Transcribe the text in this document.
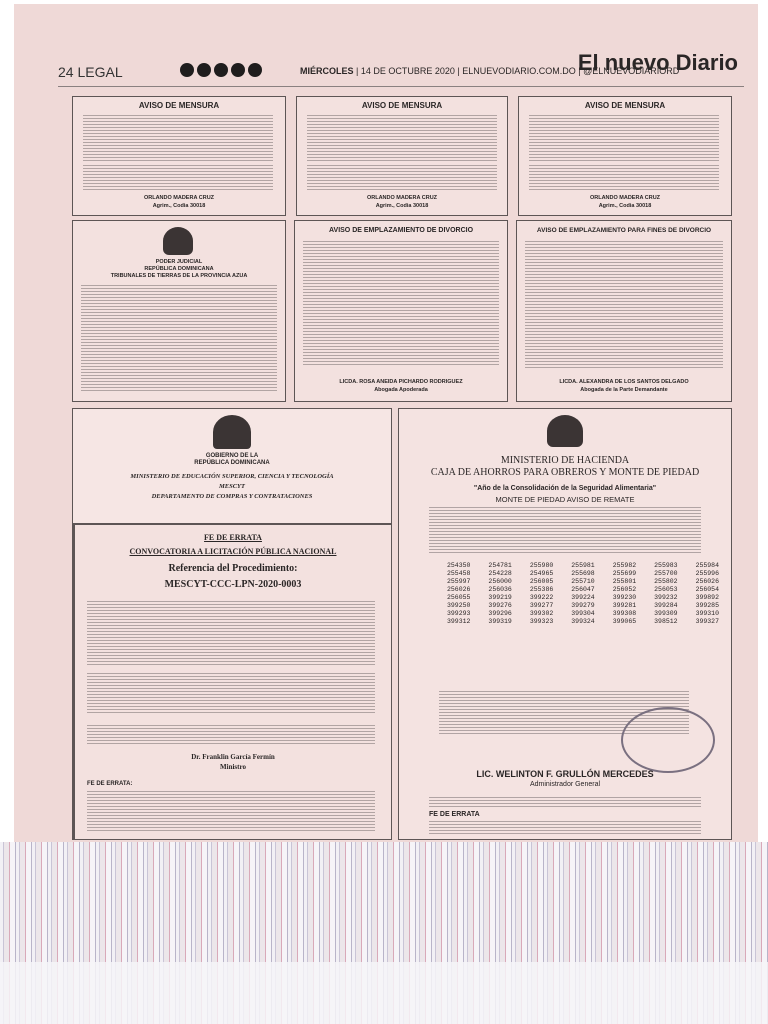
24 LEGAL	MIÉRCOLES | 14 DE OCTUBRE 2020 | ELNUEVODIARIO.COM.DO | @ELNUEVODIARIORD
El nuevo Diario
AVISO DE MENSURA
ORLANDO MADERA CRUZ
Agrim., Codia 30018
AVISO DE MENSURA
ORLANDO MADERA CRUZ
Agrim., Codia 30018
AVISO DE MENSURA
ORLANDO MADERA CRUZ
Agrim., Codia 30018
PODER JUDICIAL
REPÚBLICA DOMINICANA
TRIBUNALES DE TIERRAS DE LA PROVINCIA AZUA
AVISO DE EMPLAZAMIENTO DE DIVORCIO
LICDA. ROSA ANEIDA PICHARDO RODRIGUEZ
Abogada Apoderada
AVISO DE EMPLAZAMIENTO PARA FINES DE DIVORCIO
LICDA. ALEXANDRA DE LOS SANTOS DELGADO
Abogada de la Parte Demandante
GOBIERNO DE LA
REPÚBLICA DOMINICANA
MINISTERIO DE EDUCACIÓN SUPERIOR, CIENCIA Y TECNOLOGÍA
MESCYT
DEPARTAMENTO DE COMPRAS Y CONTRATACIONES
FE DE ERRATA
CONVOCATORIA A LICITACIÓN PÚBLICA NACIONAL
Referencia del Procedimiento:
MESCYT-CCC-LPN-2020-0003
Dr. Franklin García Fermín
Ministro
FE DE ERRATA:
MINISTERIO DE HACIENDA
CAJA DE AHORROS PARA OBREROS Y MONTE DE PIEDAD
"Año de la Consolidación de la Seguridad Alimentaria"
MONTE DE PIEDAD AVISO DE REMATE
LIC. WELINTON F. GRULLÓN MERCEDES
Administrador General
FE DE ERRATA
254350	254781	255980	255981	255982	255983	255984
255458	254228	254965	255698	255699	255700	255996
255997	256000	256005	255710	255801	255802	256026
256026	256036	255386	256047	256052	256053	256054
256055	399219	399222	399224	399230	399232	399892
399250	399276	399277	399279	399281	399284	399285
399293	399296	399302	399304	399308	399309	399310
399312	399319	399323	399324	399065	398512	399327
